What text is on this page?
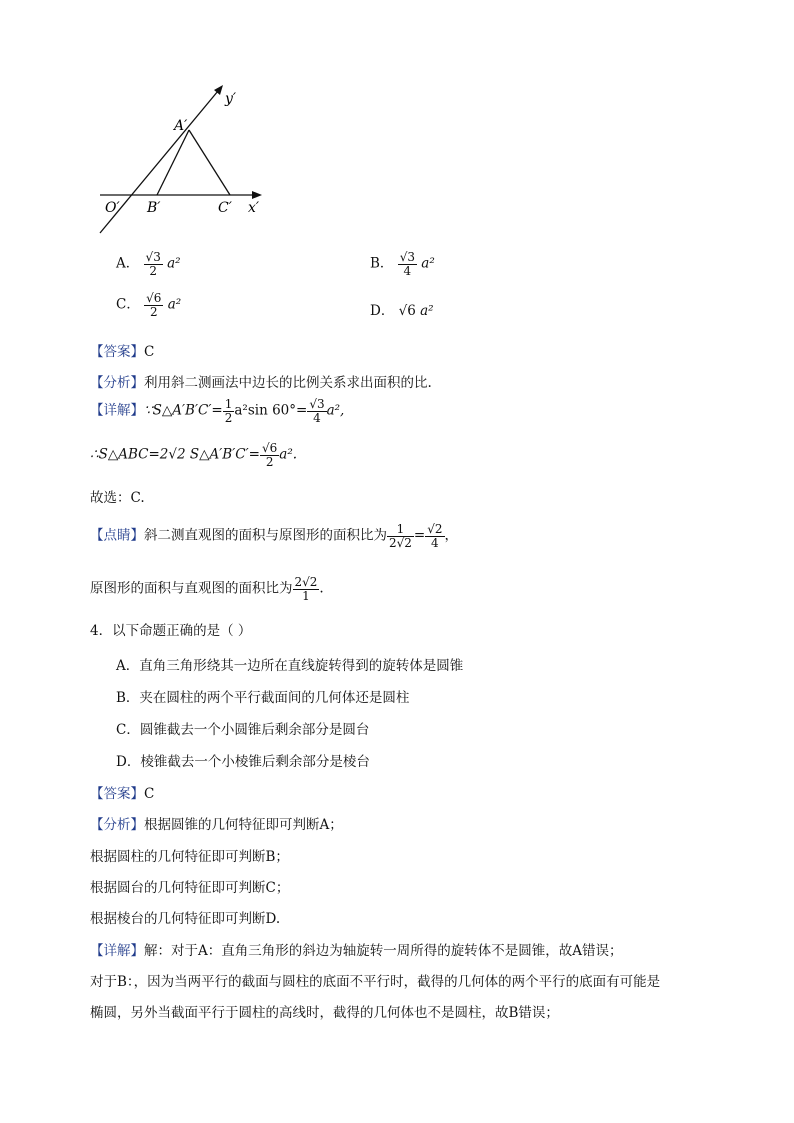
y′
A′
O′ B′	C′ x′
A． $\frac{√3}{2} a^2$	B． $\frac{√3}{4} a^2$
C． $\frac{√6}{2} a^2$	D． √6 a²
【答案】C
【分析】利用斜二测画法中边长的比例关系求出面积的比.
【详解】∵S△A′B′C′= $\frac{1}{2} a^2\sin$ $60^\circ= \frac{√3}{4} a^2$,
∴S△ABC=2√2 S△A′B′C′= $\frac{√6}{2} a^2$.
故选：C.
【点睛】斜二测直观图的面积与原图形的面积比为 $\frac{1}{2√2} = \frac{√2}{4}$ ，
原图形的面积与直观图的面积比为 $\frac{2√2}{1}$ .
4．以下命题正确的是（ ）
A．直角三角形绕其一边所在直线旋转得到的旋转体是圆锥
B．夹在圆柱的两个平行截面间的几何体还是圆柱
C．圆锥截去一个小圆锥后剩余部分是圆台
D．棱锥截去一个小棱锥后剩余部分是棱台
【答案】C
【分析】根据圆锥的几何特征即可判断A；
根据圆柱的几何特征即可判断B；
根据圆台的几何特征即可判断C；
根据棱台的几何特征即可判断D.
【详解】解：对于A：直角三角形的斜边为轴旋转一周所得的旋转体不是圆锥，故A错误；
对于B：，因为当两平行的截面与圆柱的底面不平行时，截得的几何体的两个平行的底面有可能是
椭圆，另外当截面平行于圆柱的高线时，截得的几何体也不是圆柱，故B错误；
